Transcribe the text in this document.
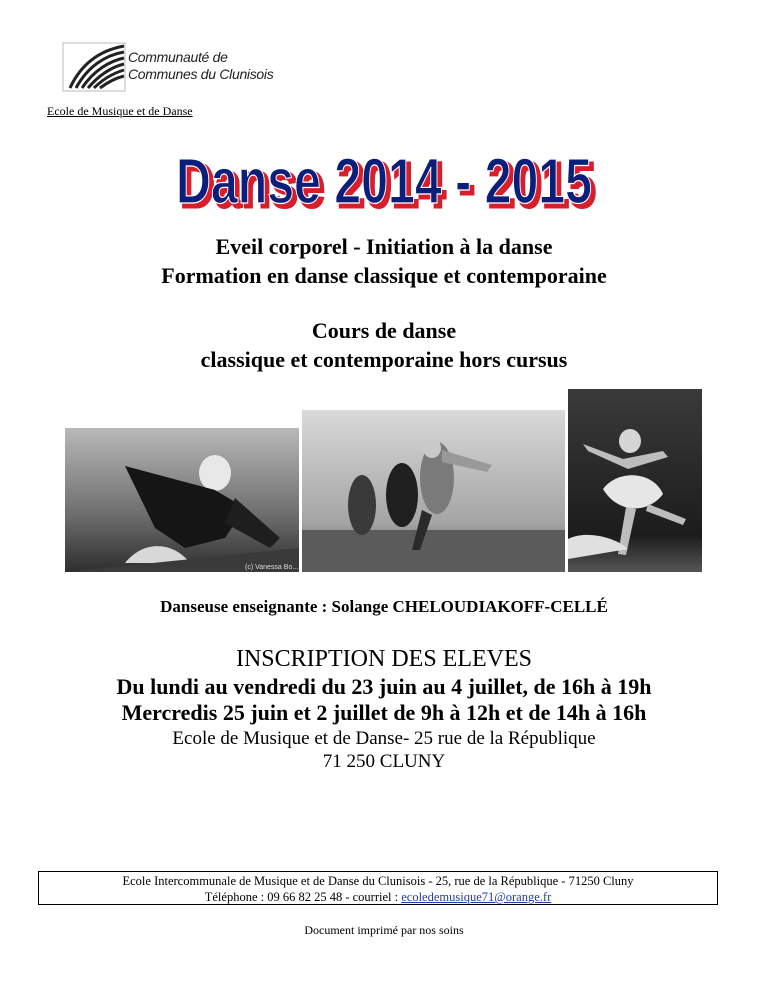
Communauté de
Communes du Clunisois
Ecole de Musique et de Danse
Danse 2014 - 2015
Danse 2014 - 2015
Eveil corporel - Initiation à la danse
Formation en danse classique et contemporaine
Cours de danse
classique et contemporaine hors cursus
(c) Vanessa Bo...
Danseuse enseignante : Solange CHELOUDIAKOFF-CELLÉ
INSCRIPTION DES ELEVES
Du lundi au vendredi du 23 juin au 4 juillet, de 16h à 19h
Mercredis 25 juin et 2 juillet de 9h à 12h et de 14h à 16h
Ecole de Musique et de Danse- 25 rue de la République
71 250 CLUNY
Ecole Intercommunale de Musique et de Danse du Clunisois - 25, rue de la République - 71250 Cluny
Téléphone : 09 66 82 25 48 - courriel : ecoledemusique71@orange.fr
Document imprimé par nos soins
